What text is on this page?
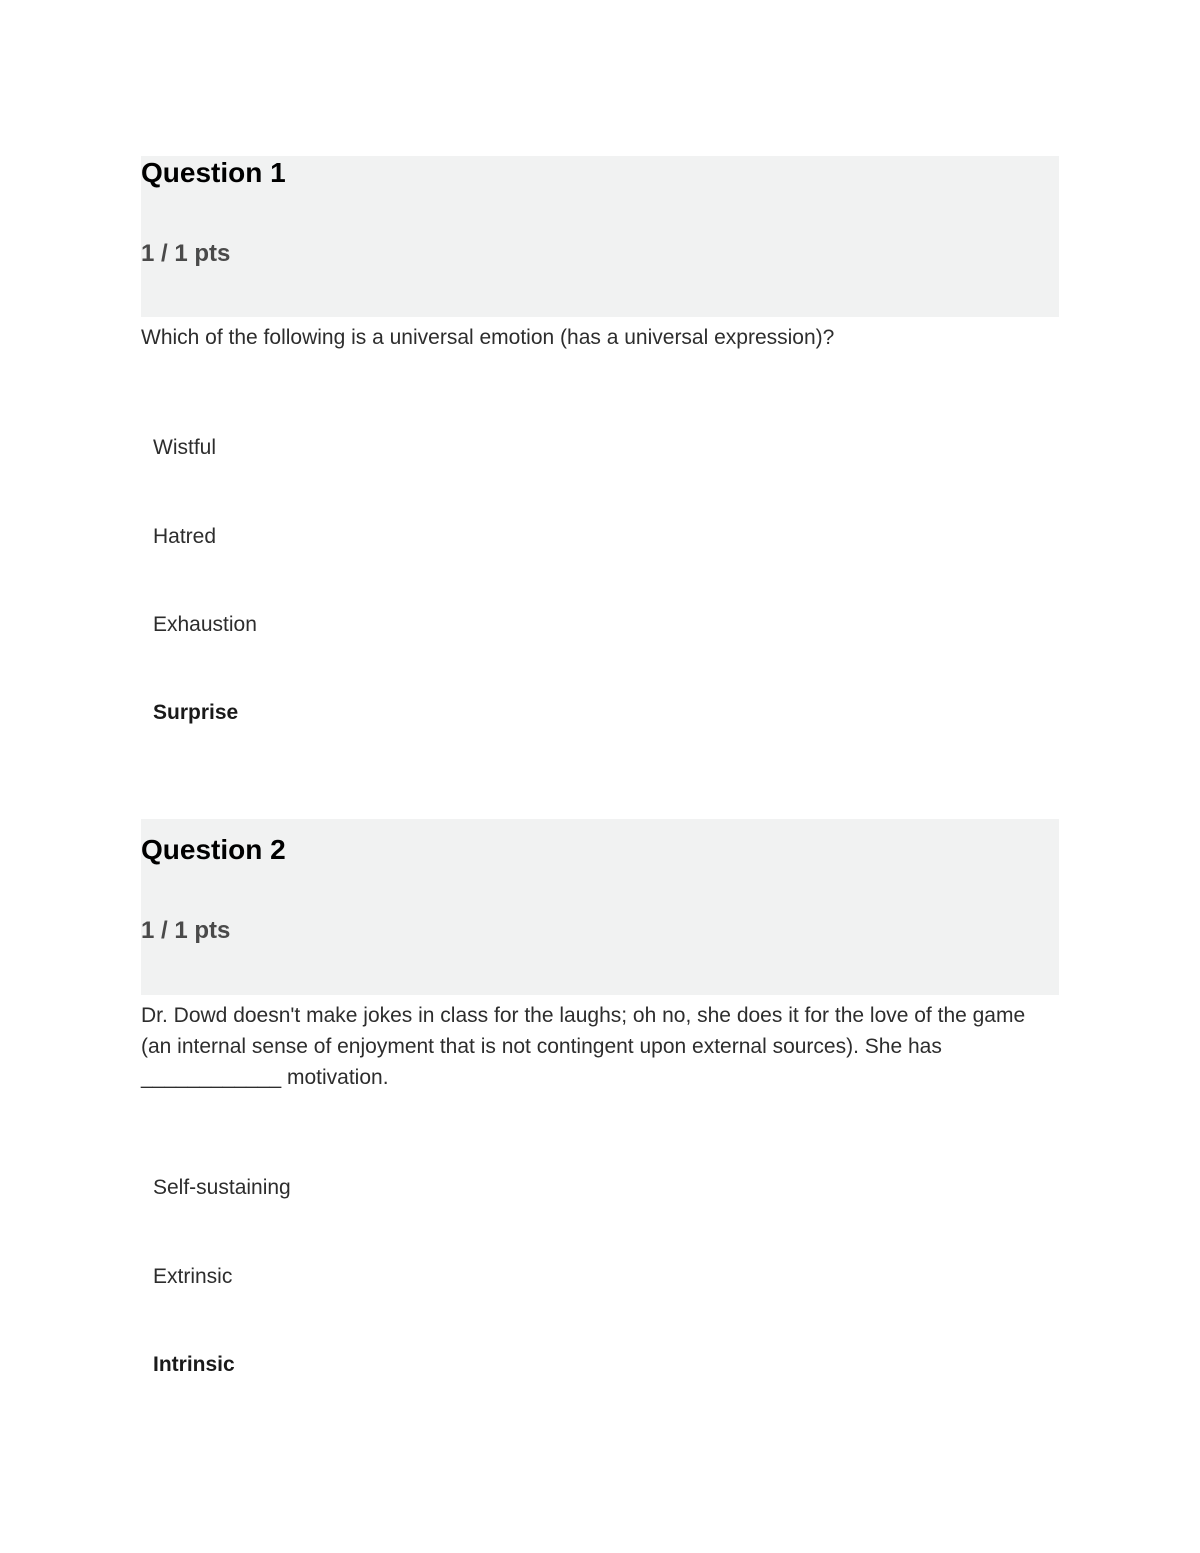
Question 1
1 / 1 pts

Which of the following is a universal emotion (has a universal expression)?

Wistful
Hatred
Exhaustion
Surprise
Question 2
1 / 1 pts

Dr. Dowd doesn't make jokes in class for the laughs; oh no, she does it for the love of the game (an internal sense of enjoyment that is not contingent upon external sources). She has ____________ motivation.

Self-sustaining
Extrinsic
Intrinsic
